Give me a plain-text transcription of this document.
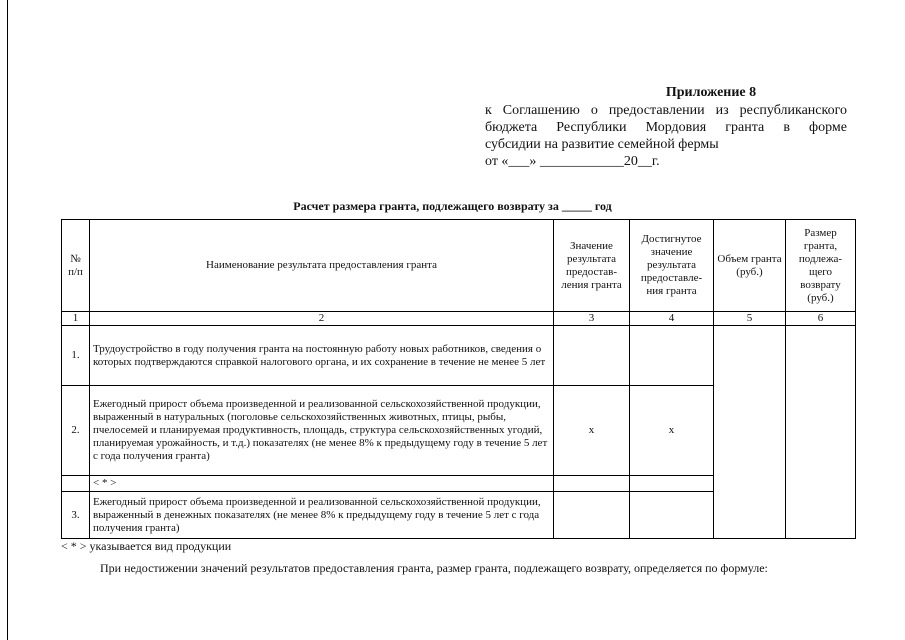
Приложение 8
к Соглашению о предоставлении из республиканского
бюджета Республики Мордовия гранта в форме
субсидии на развитие семейной фермы
от «___» ____________20__г.
Расчет размера гранта, подлежащего возврату за _____ год
№ п/п	Наименование результата предоставления гранта	Значение результата предостав-ления гранта	Достигнутое значение результата предоставле-ния гранта	Объем гранта (руб.)	Размер гранта, подлежа-щего возврату (руб.)
1	2	3	4	5	6
1.	Трудоустройство в году получения гранта на постоянную работу новых работников, сведения о которых подтверждаются справкой налогового органа, и их сохранение в течение не менее 5 лет				
2.	Ежегодный прирост объема произведенной и реализованной сельскохозяйственной продукции, выраженный в натуральных (поголовье сельскохозяйственных животных, птицы, рыбы, пчелосемей и планируемая продуктивность, площадь, структура сельскохозяйственных угодий, планируемая урожайность, и т.д.) показателях (не менее 8% к предыдущему году в течение 5 лет с года получения гранта)	x	x		
	< * >				
3.	Ежегодный прирост объема произведенной и реализованной сельскохозяйственной продукции, выраженный в денежных показателях (не менее 8% к предыдущему году в течение 5 лет с года получения гранта)				
< * > указывается вид продукции
При недостижении значений результатов предоставления гранта, размер гранта, подлежащего возврату, определяется по формуле:
